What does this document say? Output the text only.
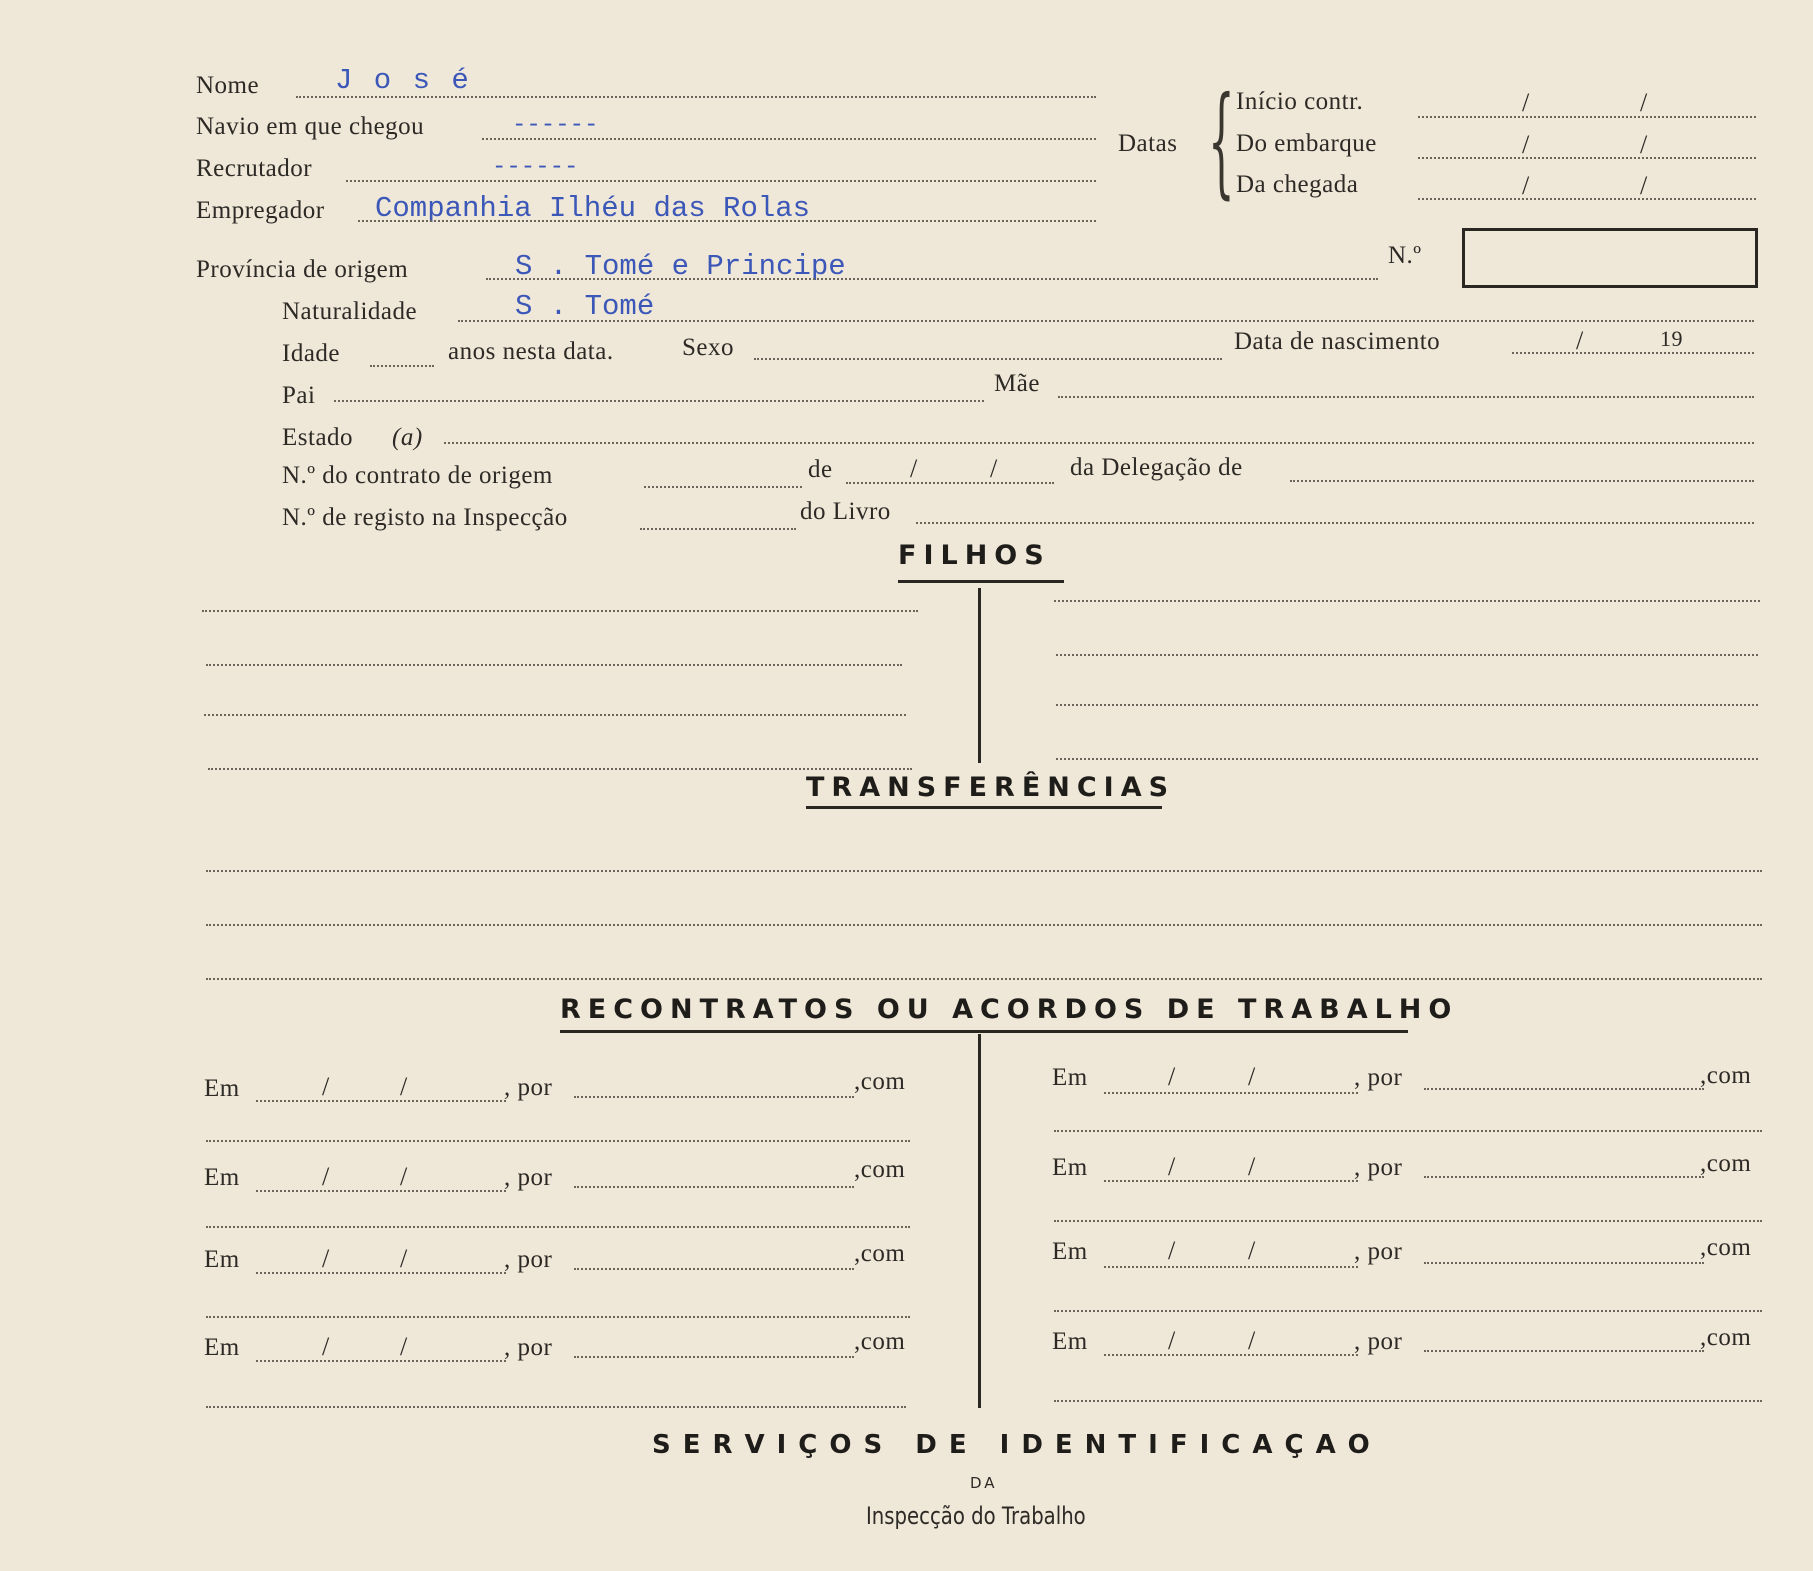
Nome	J o s é
Navio em que chegou	------
Recrutador	------
Empregador Companhia Ilhéu das Rolas
Datas { Início contr.	/	/
Do embarque	/	/
Da chegada	/	/
Província de origem	S . Tomé e Principe	N.º
Naturalidade	S . Tomé
Idade	anos nesta data.	Sexo	Data de nascimento	/	19
Pai	Mãe
Estado (a)
N.º do contrato de origem	de	/	/	da Delegação de
N.º de registo na Inspecção	do Livro
FILHOS
TRANSFERÊNCIAS
RECONTRATOS OU ACORDOS DE TRABALHO
Em	/	/	, por	,com
Em	/	/	, por	,com
Em	/	/	, por	,com
Em	/	/	, por	,com
Em	/	/	, por	,com
Em	/	/	, por	,com
Em	/	/	, por	,com
Em	/	/	, por	,com
SERVIÇOS DE IDENTIFICAÇAO
DA
Inspecção do Trabalho
